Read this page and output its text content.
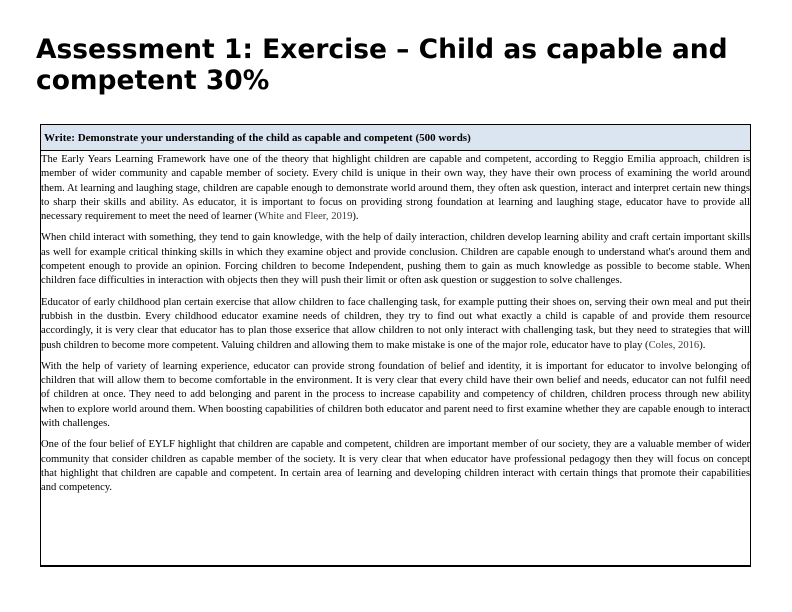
Assessment 1: Exercise – Child as capable and competent 30%
Write: Demonstrate your understanding of the child as capable and competent (500 words)

The Early Years Learning Framework have one of the theory that highlight children are capable and competent, according to Reggio Emilia approach, children is member of wider community and capable member of society. Every child is unique in their own way, they have their own process of examining the world around them. At learning and laughing stage, children are capable enough to demonstrate world around them, they often ask question, interact and interpret certain new things to sharp their skills and ability. As educator, it is important to focus on providing strong foundation at learning and laughing stage, educator have to provide all necessary requirement to meet the need of learner (White and Fleer, 2019).

When child interact with something, they tend to gain knowledge, with the help of daily interaction, children develop learning ability and craft certain important skills as well for example critical thinking skills in which they examine object and provide conclusion. Children are capable enough to understand what's around them and competent enough to provide an opinion. Forcing children to become Independent, pushing them to gain as much knowledge as possible to become stable. When children face difficulties in interaction with objects then they will push their limit or often ask question or suggestion to solve challenges.

Educator of early childhood plan certain exercise that allow children to face challenging task, for example putting their shoes on, serving their own meal and put their rubbish in the dustbin. Every childhood educator examine needs of children, they try to find out what exactly a child is capable of and provide them resource accordingly, it is very clear that educator has to plan those exserice that allow children to not only interact with challenging task, but they need to strategies that will push children to become more competent. Valuing children and allowing them to make mistake is one of the major role, educator have to play (Coles, 2016).

With the help of variety of learning experience, educator can provide strong foundation of belief and identity, it is important for educator to involve belonging of children that will allow them to become comfortable in the environment. It is very clear that every child have their own belief and needs, educator can not fulfil need of children at once. They need to add belonging and parent in the process to increase capability and competency of children, children process through new ability when to explore world around them. When boosting capabilities of children both educator and parent need to first examine whether they are capable enough to interact with challenges.

One of the four belief of EYLF highlight that children are capable and competent, children are important member of our society, they are a valuable member of wider community that consider children as capable member of the society. It is very clear that when educator have professional pedagogy then they will focus on concept that highlight that children are capable and competent. In certain area of learning and developing children interact with certain things that promote their capabilities and competency.
